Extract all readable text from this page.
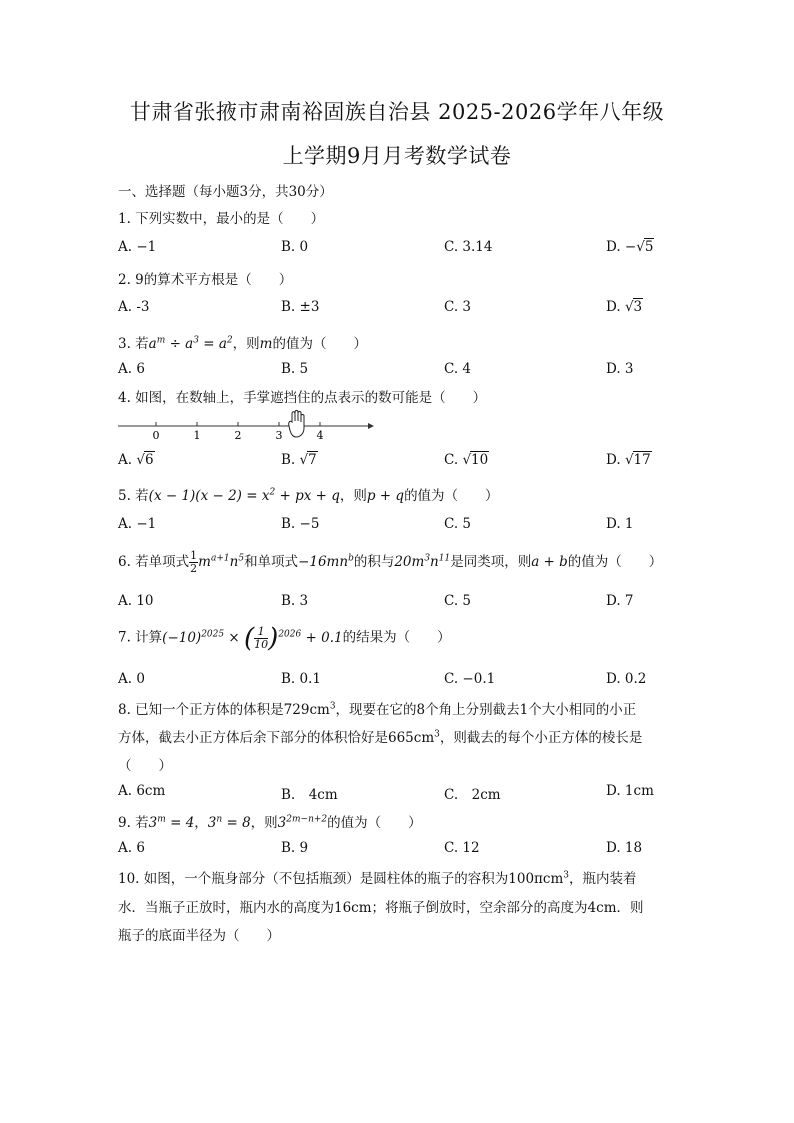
甘肃省张掖市肃南裕固族自治县 2025-2026学年八年级
上学期9月月考数学试卷
一、选择题（每小题3分，共30分）
1. 下列实数中，最小的是（　　）
A. −1	B. 0	C. 3.14	D. −√5
2. 9的算术平方根是（　　）
A. -3	B. ±3	C. 3	D. √3
3. 若$a^m \div a^3 = a^2$，则m的值为（　　）
A. 6	B. 5	C. 4	D. 3
4. 如图，在数轴上，手掌遮挡住的点表示的数可能是（　　）
0	1	2	3	4
A. √6	B. √7	C. √10	D. √17
5. 若$(x - 1)(x - 2) = x^2$ + px + q，则p + q的值为（　　）
A. −1	B. −5	C. 5	D. 1
6. 若单项式 $\frac{1}{2} m^{a+1}n^5$和单项式$-16mn^b$的积与$20m^3n^{11}$是同类项，则a + b的值为（　　）
A. 10	B. 3	C. 5	D. 7
7. 计算$(-10)^{2025}$ × ( $\frac{1}{10} )^{2026} + 0.1$的结果为（　　）
A. 0	B. 0.1	C. −0.1	D. 0.2
8. 已知一个正方体的体积是$729cm^3$，现要在它的8个角上分别截去1个大小相同的小正
方体，截去小正方体后余下部分的体积恰好是$665cm^3$，则截去的每个小正方体的棱长是
（　　）
A. 6cm	B.　4cm	C.　2cm	D. 1cm
9. 若$3^m = 4$，$3^n = 8$，则$3^{2m-n+2}$的值为（　　）
A. 6	B. 9	C. 12	D. 18
10. 如图，一个瓶身部分（不包括瓶颈）是圆柱体的瓶子的容积为100πcm$^3$，瓶内装着
水．当瓶子正放时，瓶内水的高度为16cm；将瓶子倒放时，空余部分的高度为4cm．则
瓶子的底面半径为（　　）
